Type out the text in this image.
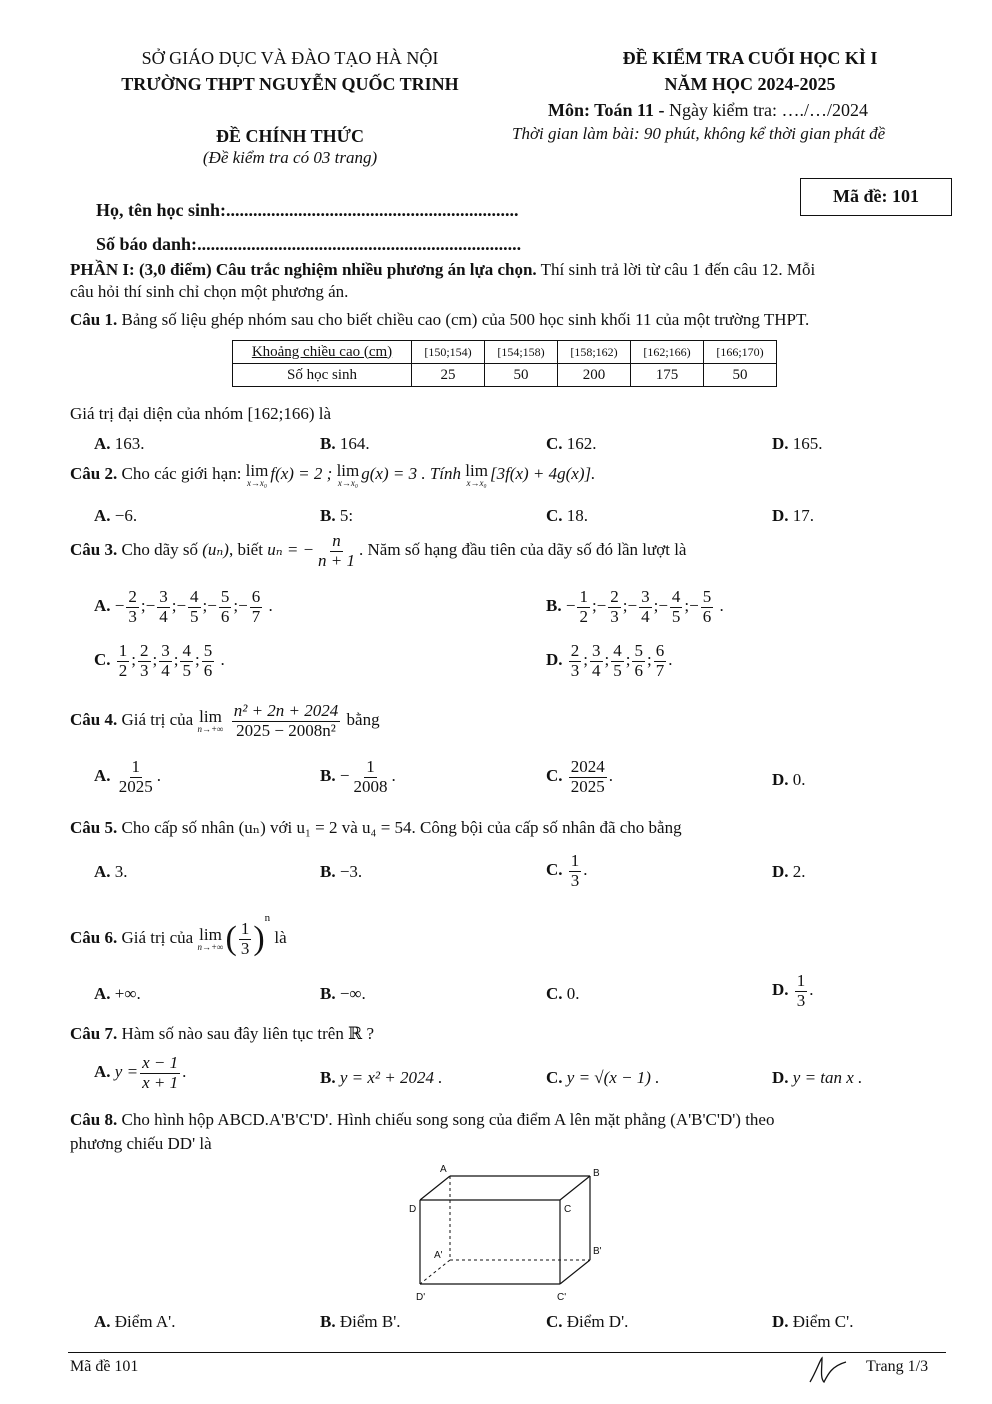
SỞ GIÁO DỤC VÀ ĐÀO TẠO HÀ NỘI
TRƯỜNG THPT NGUYỄN QUỐC TRINH
ĐỀ KIỂM TRA CUỐI HỌC KÌ I
NĂM HỌC 2024-2025
Môn: Toán 11 - Ngày kiểm tra: …./…/2024
Thời gian làm bài: 90 phút, không kể thời gian phát đề
ĐỀ CHÍNH THỨC
(Đề kiểm tra có 03 trang)
Mã đề: 101
Họ, tên học sinh:.................................................................
Số báo danh:........................................................................
PHẦN I: (3,0 điểm) Câu trắc nghiệm nhiều phương án lựa chọn. Thí sinh trả lời từ câu 1 đến câu 12. Mỗi
câu hỏi thí sinh chỉ chọn một phương án.
Câu 1. Bảng số liệu ghép nhóm sau cho biết chiều cao (cm) của 500 học sinh khối 11 của một trường THPT.
Khoảng chiều cao (cm)	[150;154)	[154;158)	[158;162)	[162;166)	[166;170)
Số học sinh	25	50	200	175	50
Giá trị đại diện của nhóm [162;166) là
A. 163.	B. 164.	C. 162.	D. 165.
Câu 2. Cho các giới hạn: lim
x→x₀
f(x) = 2 ; lim
x→x₀
g(x) = 3 . Tính lim
x→x₀
[3f(x) + 4g(x)].
A. −6.	B. 5:	C. 18.	D. 17.
Câu 3. Cho dãy số (uₙ), biết uₙ = − $\frac{n}{n + 1}$ . Năm số hạng đầu tiên của dãy số đó lần lượt là
A. − $\frac{2}{3}$ ;− $\frac{3}{4}$ ;− $\frac{4}{5}$ ;− $\frac{5}{6}$ ;− $\frac{6}{7}$ .	B. − $\frac{1}{2}$ ;− $\frac{2}{3}$ ;− $\frac{3}{4}$ ;− $\frac{4}{5}$ ;− $\frac{5}{6}$ .
C. $\frac{1}{2}$ ; $\frac{2}{3}$ ; $\frac{3}{4}$ ; $\frac{4}{5}$ ; $\frac{5}{6}$ .	D. $\frac{2}{3}$ ; $\frac{3}{4}$ ; $\frac{4}{5}$ ; $\frac{5}{6}$ ; $\frac{6}{7}$ .
Câu 4. Giá trị của lim
n→+∞
$\frac{\text{n² + 2n + 2024}}{\text{2025 − 2008n²}}$ bằng
A. $\frac{1}{2025}$ .	B. − $\frac{1}{2008}$ .	C. $\frac{2024}{2025}$ .	D. 0.
Câu 5. Cho cấp số nhân (uₙ) với u₁ = 2 và u₄ = 54. Công bội của cấp số nhân đã cho bằng
A. 3.	B. −3.	C. $\frac{1}{3}$ .	D. 2.
Câu 6. Giá trị của lim
n→+∞ ( $\frac{1}{3} )^n$ là
A. +∞.	B. −∞.	C. 0.	D. $\frac{1}{3}$ .
Câu 7. Hàm số nào sau đây liên tục trên ℝ ?
A. $y = \frac{x - 1}{x + 1}$ .	B. y = x² + 2024 .	C. y = √(x − 1) .	D. y = tan x .
Câu 8. Cho hình hộp ABCD.A'B'C'D'. Hình chiếu song song của điểm A lên mặt phẳng (A'B'C'D') theo
phương chiếu DD' là
A	B
C
D
A'	B'
C'
D'
A. Điểm A'.	B. Điểm B'.	C. Điểm D'.	D. Điểm C'.
Mã đề 101	Trang 1/3
